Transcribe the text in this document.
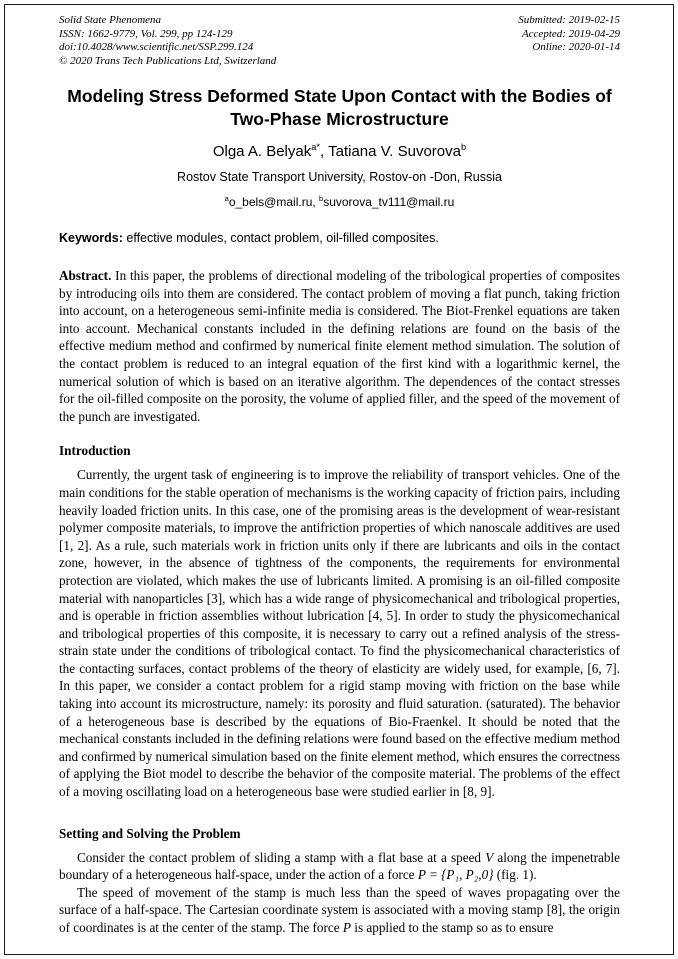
Solid State Phenomena
ISSN: 1662-9779, Vol. 299, pp 124-129
doi:10.4028/www.scientific.net/SSP.299.124
© 2020 Trans Tech Publications Ltd, Switzerland
Submitted: 2019-02-15
Accepted: 2019-04-29
Online: 2020-01-14
Modeling Stress Deformed State Upon Contact with the Bodies of Two-Phase Microstructure
Olga A. Belyak$^{a*}$, Tatiana V. Suvorova$^b$
Rostov State Transport University, Rostov-on -Don, Russia
$^a$o_bels@mail.ru, $^b$suvorova_tv111@mail.ru
Keywords: effective modules, contact problem, oil-filled composites.

Abstract. In this paper, the problems of directional modeling of the tribological properties of composites by introducing oils into them are considered. The contact problem of moving a flat punch, taking friction into account, on a heterogeneous semi-infinite media is considered. The Biot-Frenkel equations are taken into account. Mechanical constants included in the defining relations are found on the basis of the effective medium method and confirmed by numerical finite element method simulation. The solution of the contact problem is reduced to an integral equation of the first kind with a logarithmic kernel, the numerical solution of which is based on an iterative algorithm. The dependences of the contact stresses for the oil-filled composite on the porosity, the volume of applied filler, and the speed of the movement of the punch are investigated.

Introduction

Currently, the urgent task of engineering is to improve the reliability of transport vehicles. One of the main conditions for the stable operation of mechanisms is the working capacity of friction pairs, including heavily loaded friction units. In this case, one of the promising areas is the development of wear-resistant polymer composite materials, to improve the antifriction properties of which nanoscale additives are used [1, 2]. As a rule, such materials work in friction units only if there are lubricants and oils in the contact zone, however, in the absence of tightness of the components, the requirements for environmental protection are violated, which makes the use of lubricants limited. A promising is an oil-filled composite material with nanoparticles [3], which has a wide range of physicomechanical and tribological properties, and is operable in friction assemblies without lubrication [4, 5]. In order to study the physicomechanical and tribological properties of this composite, it is necessary to carry out a refined analysis of the stress-strain state under the conditions of tribological contact. To find the physicomechanical characteristics of the contacting surfaces, contact problems of the theory of elasticity are widely used, for example, [6, 7]. In this paper, we consider a contact problem for a rigid stamp moving with friction on the base while taking into account its microstructure, namely: its porosity and fluid saturation. (saturated). The behavior of a heterogeneous base is described by the equations of Bio-Fraenkel. It should be noted that the mechanical constants included in the defining relations were found based on the effective medium method and confirmed by numerical simulation based on the finite element method, which ensures the correctness of applying the Biot model to describe the behavior of the composite material. The problems of the effect of a moving oscillating load on a heterogeneous base were studied earlier in [8, 9].

Setting and Solving the Problem

Consider the contact problem of sliding a stamp with a flat base at a speed V along the impenetrable boundary of a heterogeneous half-space, under the action of a force P = {P₁, P₂,0} (fig. 1).

The speed of movement of the stamp is much less than the speed of waves propagating over the surface of a half-space. The Cartesian coordinate system is associated with a moving stamp [8], the origin of coordinates is at the center of the stamp. The force P is applied to the stamp so as to ensure
